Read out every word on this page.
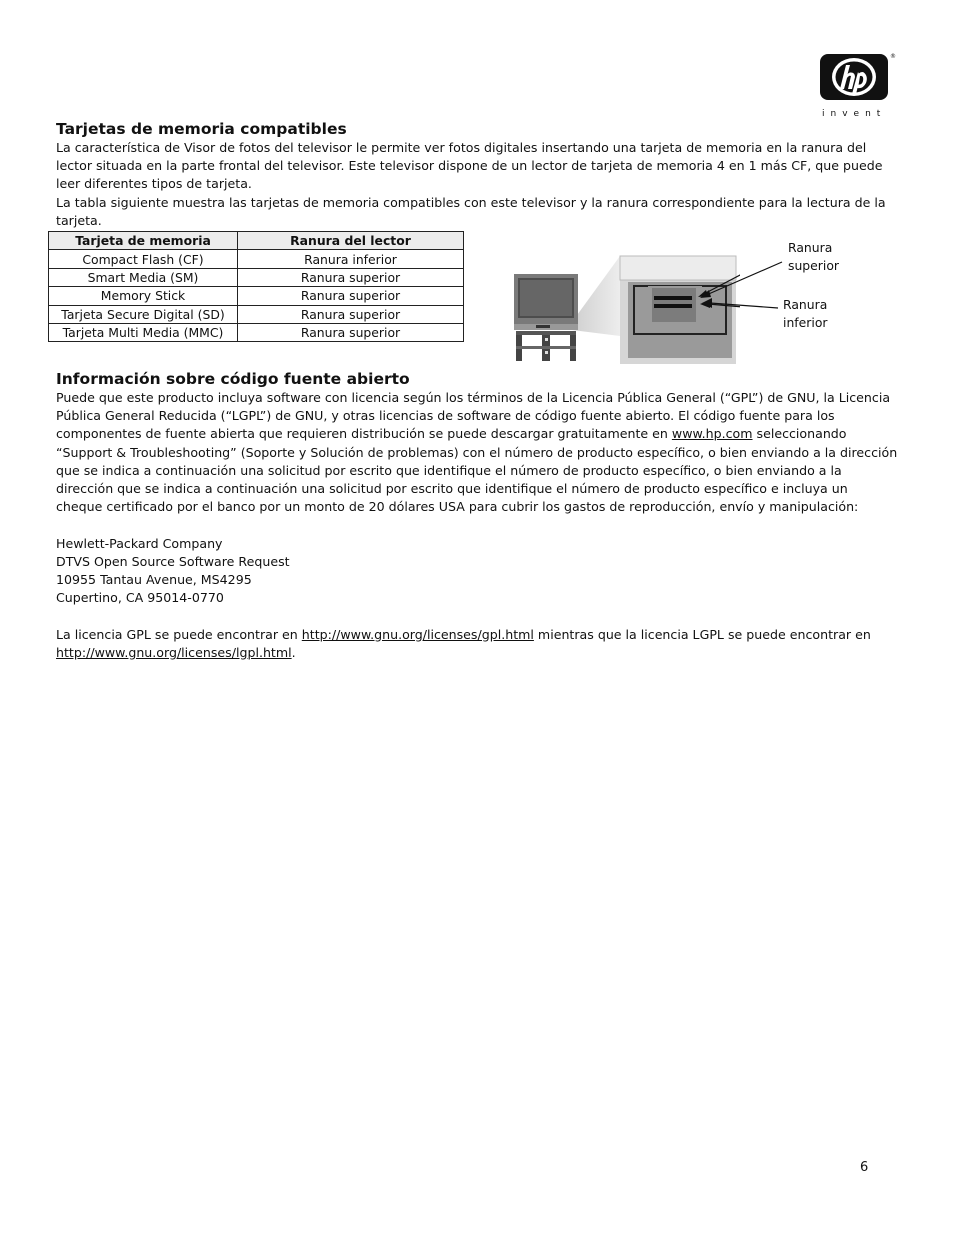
®
invent
Tarjetas de memoria compatibles

La característica de Visor de fotos del televisor le permite ver fotos digitales insertando una tarjeta de memoria en la ranura del lector situada en la parte frontal del televisor. Este televisor dispone de un lector de tarjeta de memoria 4 en 1 más CF, que puede leer diferentes tipos de tarjeta.

La tabla siguiente muestra las tarjetas de memoria compatibles con este televisor y la ranura correspondiente para la lectura de la tarjeta.

Tarjeta de memoria	Ranura del lector
Compact Flash (CF)	Ranura inferior
Smart Media (SM)	Ranura superior
Memory Stick	Ranura superior
Tarjeta Secure Digital (SD)	Ranura superior
Tarjeta Multi Media (MMC)	Ranura superior
Ranura
superior
Ranura
inferior
Información sobre código fuente abierto

Puede que este producto incluya software con licencia según los términos de la Licencia Pública General (“GPL”) de GNU, la Licencia Pública General Reducida (“LGPL”) de GNU, y otras licencias de software de código fuente abierto. El código fuente para los componentes de fuente abierta que requieren distribución se puede descargar gratuitamente en www.hp.com seleccionando “Support & Troubleshooting” (Soporte y Solución de problemas) con el número de producto específico, o bien enviando a la dirección que se indica a continuación una solicitud por escrito que identifique el número de producto específico, o bien enviando a la dirección que se indica a continuación una solicitud por escrito que identifique el número de producto específico e incluya un cheque certificado por el banco por un monto de 20 dólares USA para cubrir los gastos de reproducción, envío y manipulación:

Hewlett-Packard Company
DTVS Open Source Software Request
10955 Tantau Avenue, MS4295
Cupertino, CA 95014-0770

La licencia GPL se puede encontrar en http://www.gnu.org/licenses/gpl.html mientras que la licencia LGPL se puede encontrar en http://www.gnu.org/licenses/lgpl.html.

6
